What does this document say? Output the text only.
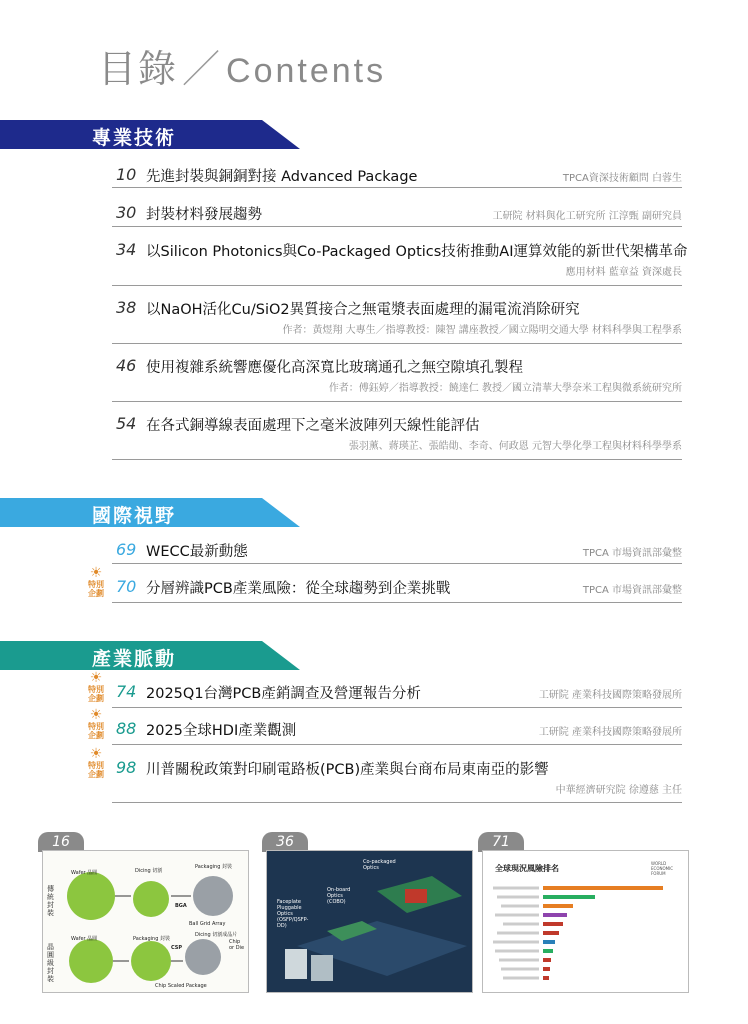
目錄 ／ Contents
專業技術
10 先進封裝與銅銅對接 Advanced Package	TPCA資深技術顧問 白蓉生
30 封裝材料發展趨勢	工研院 材料與化工研究所 江淳甄 副研究員
34 以Silicon Photonics與Co-Packaged Optics技術推動AI運算效能的新世代架構革命
應用材料 藍章益 資深處長
38 以NaOH活化Cu/SiO2異質接合之無電漿表面處理的漏電流消除研究
作者：黃煜翔 大專生／指導教授：陳智 講座教授／國立陽明交通大學 材料科學與工程學系
46 使用複雜系統響應優化高深寬比玻璃通孔之無空隙填孔製程
作者：傅鈺婷／指導教授：饒達仁 教授／國立清華大學奈米工程與微系統研究所
54 在各式銅導線表面處理下之毫米波陣列天線性能評估
張羽薰、蔣瑛芷、張皓勛、李奇、何政恩 元智大學化學工程與材料科學學系
國際視野
69 WECC最新動態	TPCA 市場資訊部彙整
☀
特別
企劃 70 分層辨識PCB產業風險：從全球趨勢到企業挑戰	TPCA 市場資訊部彙整
產業脈動
☀
特別
企劃 74 2025Q1台灣PCB產銷調查及營運報告分析	工研院 產業科技國際策略發展所
☀
特別
企劃 88 2025全球HDI產業觀測	工研院 產業科技國際策略發展所
☀
特別
企劃 98 川普關稅政策對印刷電路板(PCB)產業與台商布局東南亞的影響
中華經濟研究院 徐遵慈 主任
16
傳統封裝
晶圓級封裝
Wafer 晶圓	Dicing 切割
Packaging 封裝
BGA
Ball Grid Array
Wafer 晶圓	Packaging 封裝
Dicing 切割成晶片
Chip or Die
CSP
Chip Scaled Package
36
Co-packaged Optics
On-board Optics (COBO)
Faceplate Pluggable Optics (OSFP/QSFP-DD)
71
全球現況風險排名
WORLD ECONOMIC FORUM
